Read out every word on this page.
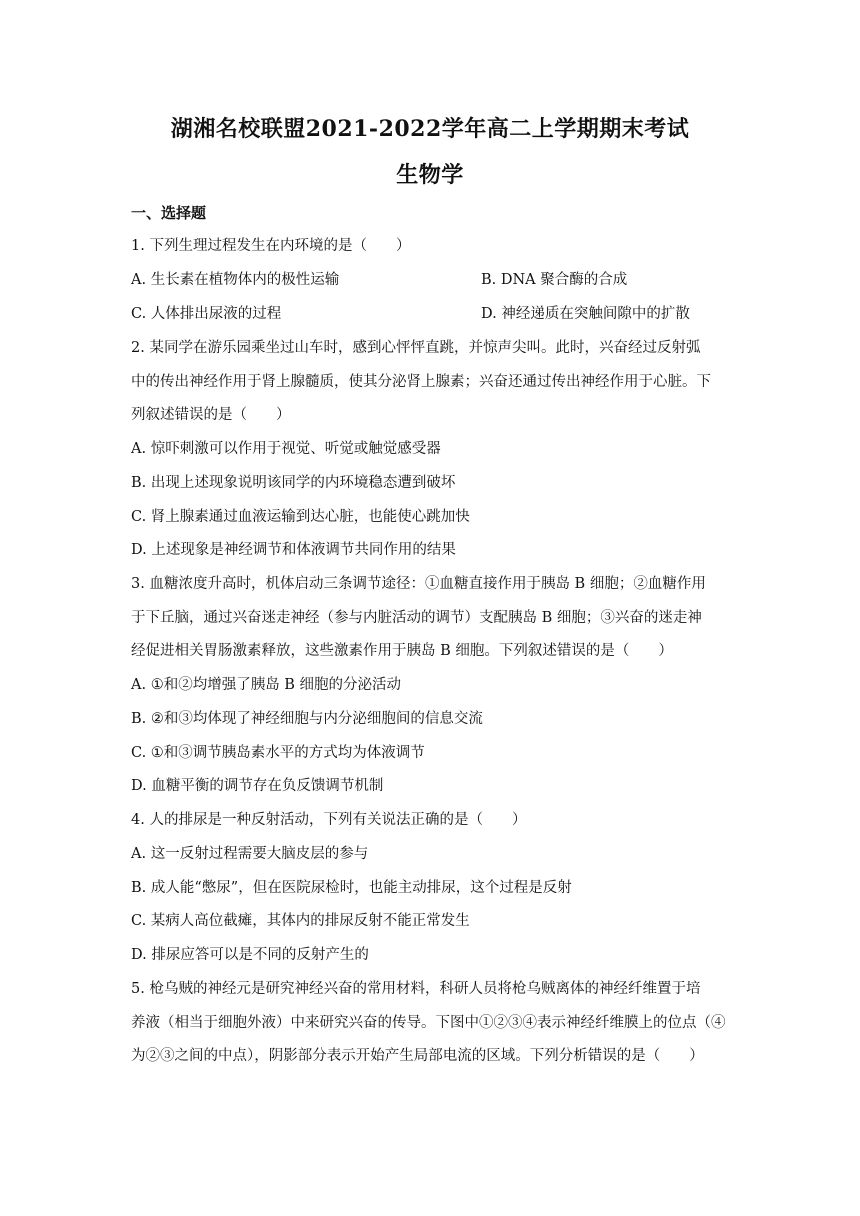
湖湘名校联盟2021-2022学年高二上学期期末考试
生物学
一、选择题
1. 下列生理过程发生在内环境的是（　　）
A. 生长素在植物体内的极性运输	B. DNA 聚合酶的合成
C. 人体排出尿液的过程	D. 神经递质在突触间隙中的扩散
2. 某同学在游乐园乘坐过山车时，感到心怦怦直跳，并惊声尖叫。此时，兴奋经过反射弧
中的传出神经作用于肾上腺髓质，使其分泌肾上腺素；兴奋还通过传出神经作用于心脏。下
列叙述错误的是（　　）
A. 惊吓刺激可以作用于视觉、听觉或触觉感受器
B. 出现上述现象说明该同学的内环境稳态遭到破坏
C. 肾上腺素通过血液运输到达心脏，也能使心跳加快
D. 上述现象是神经调节和体液调节共同作用的结果
3. 血糖浓度升高时，机体启动三条调节途径：①血糖直接作用于胰岛 B 细胞；②血糖作用
于下丘脑，通过兴奋迷走神经（参与内脏活动的调节）支配胰岛 B 细胞；③兴奋的迷走神
经促进相关胃肠激素释放，这些激素作用于胰岛 B 细胞。下列叙述错误的是（　　）
A. ①和②均增强了胰岛 B 细胞的分泌活动
B. ②和③均体现了神经细胞与内分泌细胞间的信息交流
C. ①和③调节胰岛素水平的方式均为体液调节
D. 血糖平衡的调节存在负反馈调节机制
4. 人的排尿是一种反射活动，下列有关说法正确的是（　　）
A. 这一反射过程需要大脑皮层的参与
B. 成人能“憋尿”，但在医院尿检时，也能主动排尿，这个过程是反射
C. 某病人高位截瘫，其体内的排尿反射不能正常发生
D. 排尿应答可以是不同的反射产生的
5. 枪乌贼的神经元是研究神经兴奋的常用材料，科研人员将枪乌贼离体的神经纤维置于培
养液（相当于细胞外液）中来研究兴奋的传导。下图中①②③④表示神经纤维膜上的位点（④
为②③之间的中点），阴影部分表示开始产生局部电流的区域。下列分析错误的是（　　）
